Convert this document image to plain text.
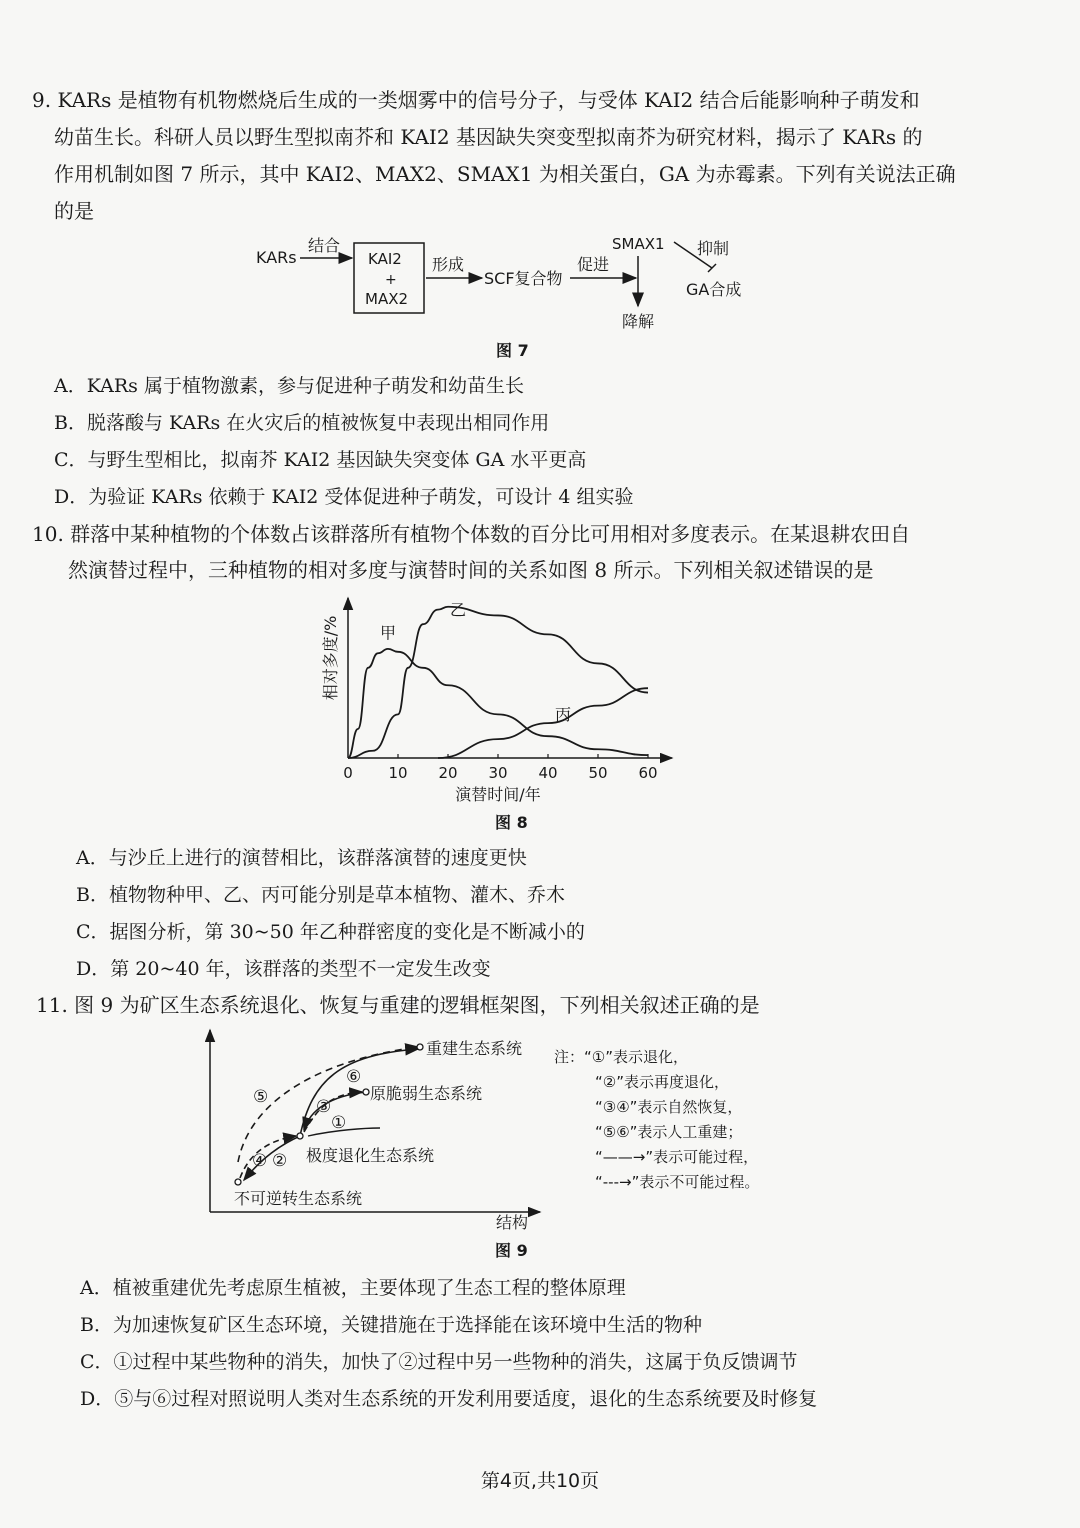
9. KARs 是植物有机物燃烧后生成的一类烟雾中的信号分子，与受体 KAI2 结合后能影响种子萌发和
幼苗生长。科研人员以野生型拟南芥和 KAI2 基因缺失突变型拟南芥为研究材料，揭示了 KARs 的
作用机制如图 7 所示，其中 KAI2、MAX2、SMAX1 为相关蛋白，GA 为赤霉素。下列有关说法正确
的是
KARs
结合
KAI2
+
MAX2
形成
SCF复合物
促进
SMAX1 抑制
GA合成
降解
图 7
A．KARs 属于植物激素，参与促进种子萌发和幼苗生长
B．脱落酸与 KARs 在火灾后的植被恢复中表现出相同作用
C．与野生型相比，拟南芥 KAI2 基因缺失突变体 GA 水平更高
D．为验证 KARs 依赖于 KAI2 受体促进种子萌发，可设计 4 组实验
10. 群落中某种植物的个体数占该群落所有植物个体数的百分比可用相对多度表示。在某退耕农田自
然演替过程中，三种植物的相对多度与演替时间的关系如图 8 所示。下列相关叙述错误的是
0 10 20 30 40 50 60
演替时间/年
相对多度/% 甲
乙
丙
图 8
A．与沙丘上进行的演替相比，该群落演替的速度更快
B．植物物种甲、乙、丙可能分别是草本植物、灌木、乔木
C．据图分析，第 30~50 年乙种群密度的变化是不断减小的
D．第 20~40 年，该群落的类型不一定发生改变
11. 图 9 为矿区生态系统退化、恢复与重建的逻辑框架图，下列相关叙述正确的是
重建生态系统
原脆弱生态系统
极度退化生态系统
不可逆转生态系统
结构
⑤
⑥
③
①
④ ②
注：“①”表示退化，
“②”表示再度退化，
“③④”表示自然恢复，
“⑤⑥”表示人工重建；
“——→”表示可能过程，
“---→”表示不可能过程。
图 9
A．植被重建优先考虑原生植被，主要体现了生态工程的整体原理
B．为加速恢复矿区生态环境，关键措施在于选择能在该环境中生活的物种
C．①过程中某些物种的消失，加快了②过程中另一些物种的消失，这属于负反馈调节
D．⑤与⑥过程对照说明人类对生态系统的开发利用要适度，退化的生态系统要及时修复
第4页,共10页
